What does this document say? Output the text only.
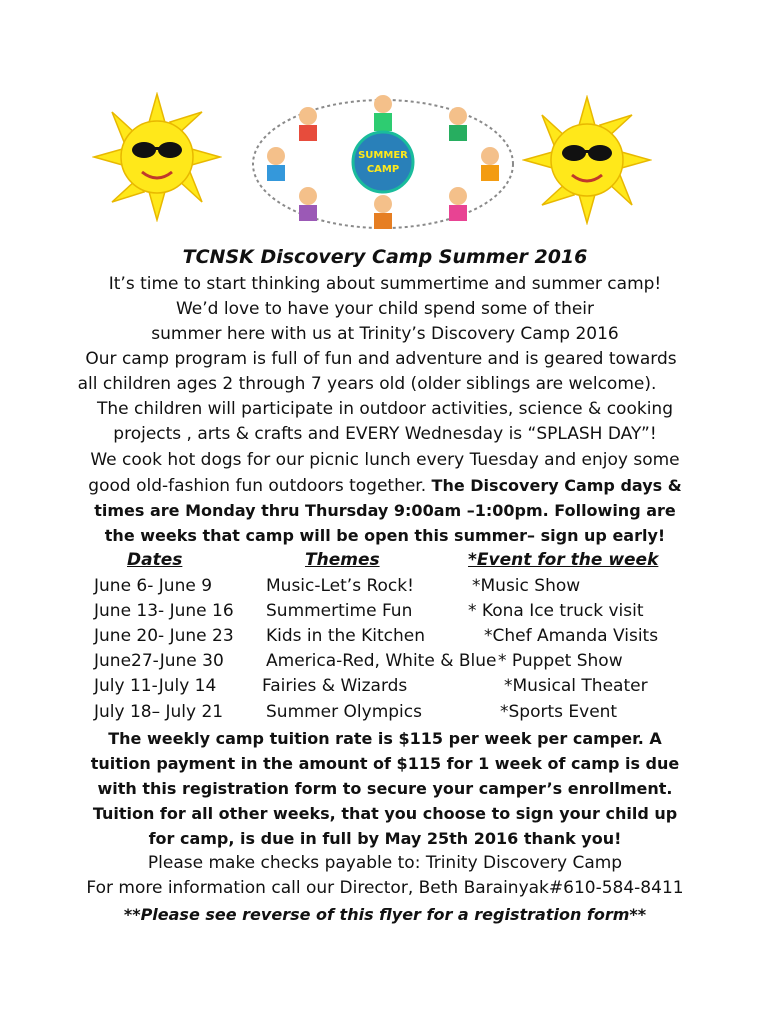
SUMMER
CAMP
TCNSK Discovery Camp Summer 2016
It’s time to start thinking about summertime and summer camp!
We’d love to have your child spend some of their
summer here with us at Trinity’s Discovery Camp 2016
Our camp program is full of fun and adventure and is geared towards
all children ages 2 through 7 years old (older siblings are welcome).
The children will participate in outdoor activities, science & cooking
projects , arts & crafts and EVERY Wednesday is “SPLASH DAY”!
We cook hot dogs for our picnic lunch every Tuesday and enjoy some
good old-fashion fun outdoors together. The Discovery Camp days &
times are Monday thru Thursday 9:00am –1:00pm. Following are
the weeks that camp will be open this summer– sign up early!
Dates	Themes	*Event for the week
June 6- June 9	Music-Let’s Rock!	*Music Show
June 13- June 16 Summertime Fun	* Kona Ice truck visit
June 20- June 23 Kids in the Kitchen	*Chef Amanda Visits
June27-June 30 America-Red, White & Blue * Puppet Show
July 11-July 14	Fairies & Wizards	*Musical Theater
July 18– July 21	Summer Olympics	*Sports Event
The weekly camp tuition rate is $115 per week per camper. A
tuition payment in the amount of $115 for 1 week of camp is due
with this registration form to secure your camper’s enrollment.
Tuition for all other weeks, that you choose to sign your child up
for camp, is due in full by May 25th 2016 thank you!
Please make checks payable to: Trinity Discovery Camp
For more information call our Director, Beth Barainyak#610-584-8411
**Please see reverse of this flyer for a registration form**
